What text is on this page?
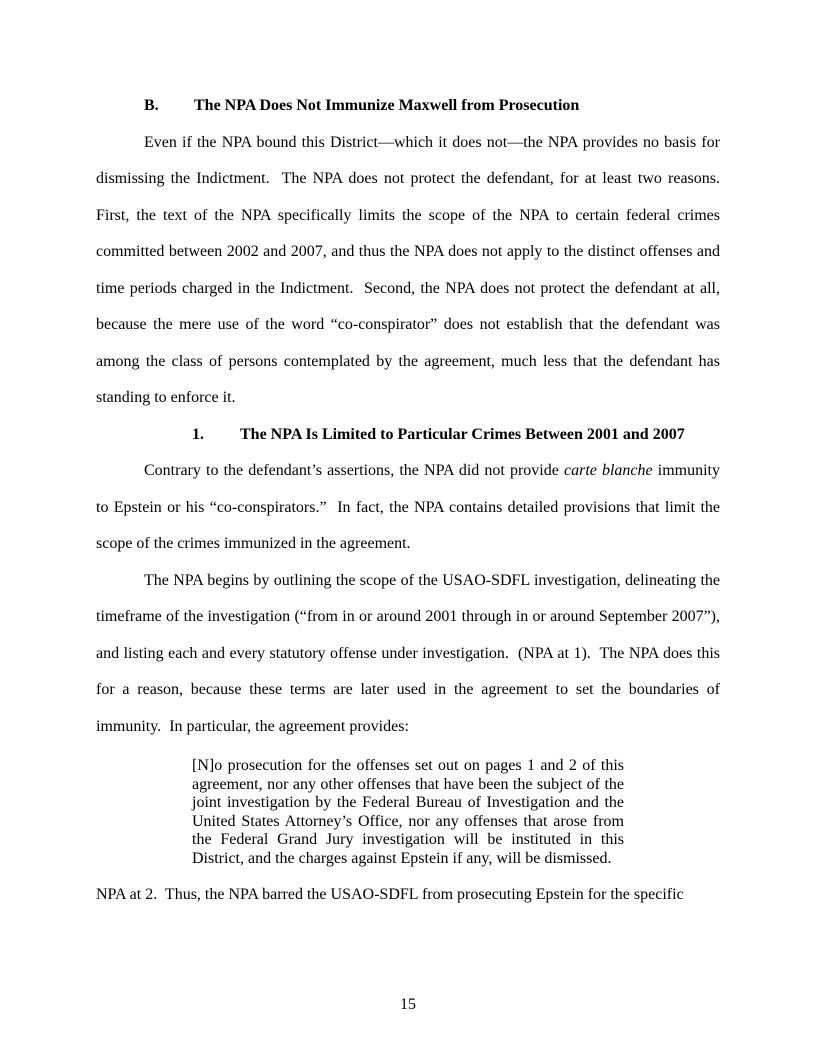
B. The NPA Does Not Immunize Maxwell from Prosecution

Even if the NPA bound this District—which it does not—the NPA provides no basis for dismissing the Indictment.  The NPA does not protect the defendant, for at least two reasons.  First, the text of the NPA specifically limits the scope of the NPA to certain federal crimes committed between 2002 and 2007, and thus the NPA does not apply to the distinct offenses and time periods charged in the Indictment.  Second, the NPA does not protect the defendant at all, because the mere use of the word “co-conspirator” does not establish that the defendant was among the class of persons contemplated by the agreement, much less that the defendant has standing to enforce it.

1. The NPA Is Limited to Particular Crimes Between 2001 and 2007

Contrary to the defendant’s assertions, the NPA did not provide carte blanche immunity to Epstein or his “co-conspirators.”  In fact, the NPA contains detailed provisions that limit the scope of the crimes immunized in the agreement.

The NPA begins by outlining the scope of the USAO-SDFL investigation, delineating the timeframe of the investigation (“from in or around 2001 through in or around September 2007”), and listing each and every statutory offense under investigation.  (NPA at 1).  The NPA does this for a reason, because these terms are later used in the agreement to set the boundaries of immunity.  In particular, the agreement provides:

[N]o prosecution for the offenses set out on pages 1 and 2 of this agreement, nor any other offenses that have been the subject of the joint investigation by the Federal Bureau of Investigation and the United States Attorney’s Office, nor any offenses that arose from the Federal Grand Jury investigation will be instituted in this District, and the charges against Epstein if any, will be dismissed.

NPA at 2.  Thus, the NPA barred the USAO-SDFL from prosecuting Epstein for the specific

15
